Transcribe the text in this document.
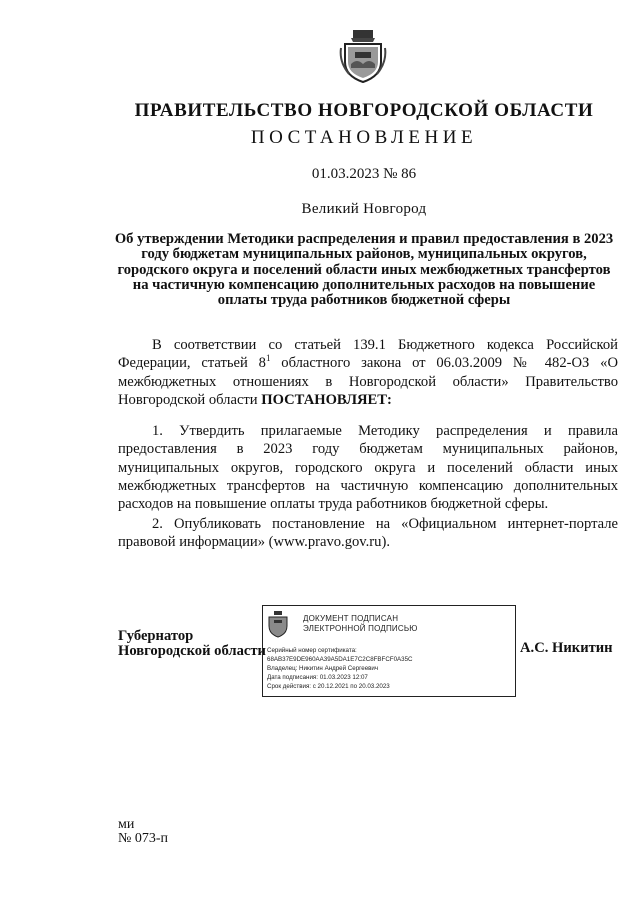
ПРАВИТЕЛЬСТВО НОВГОРОДСКОЙ ОБЛАСТИ
ПОСТАНОВЛЕНИЕ
01.03.2023 № 86
Великий Новгород
Об утверждении Методики распределения и правил предоставления в 2023 году бюджетам муниципальных районов, муниципальных округов, городского округа и поселений области иных межбюджетных трансфертов на частичную компенсацию дополнительных расходов на повышение оплаты труда работников бюджетной сферы
В соответствии со статьей 139.1 Бюджетного кодекса Российской Федерации, статьей $8^1$ областного закона от 06.03.2009 № 482-ОЗ «О межбюджетных отношениях в Новгородской области» Правительство Новгородской области ПОСТАНОВЛЯЕТ:
1. Утвердить прилагаемые Методику распределения и правила предоставления в 2023 году бюджетам муниципальных районов, муниципальных округов, городского округа и поселений области иных межбюджетных трансфертов на частичную компенсацию дополнительных расходов на повышение оплаты труда работников бюджетной сферы.
2. Опубликовать постановление на «Официальном интернет-портале правовой информации» (www.pravo.gov.ru).
Губернатор
Новгородской области
ДОКУМЕНТ ПОДПИСАН
ЭЛЕКТРОННОЙ ПОДПИСЬЮ
Серийный номер сертификата:
68AB37E9DE960AA39A5DA1E7C2C8FBFCF0A35C
Владелец: Никитин Андрей Сергеевич
Дата подписания: 01.03.2023 12:07
Срок действия: с 20.12.2021 по 20.03.2023
А.С. Никитин
ми
№ 073-п
